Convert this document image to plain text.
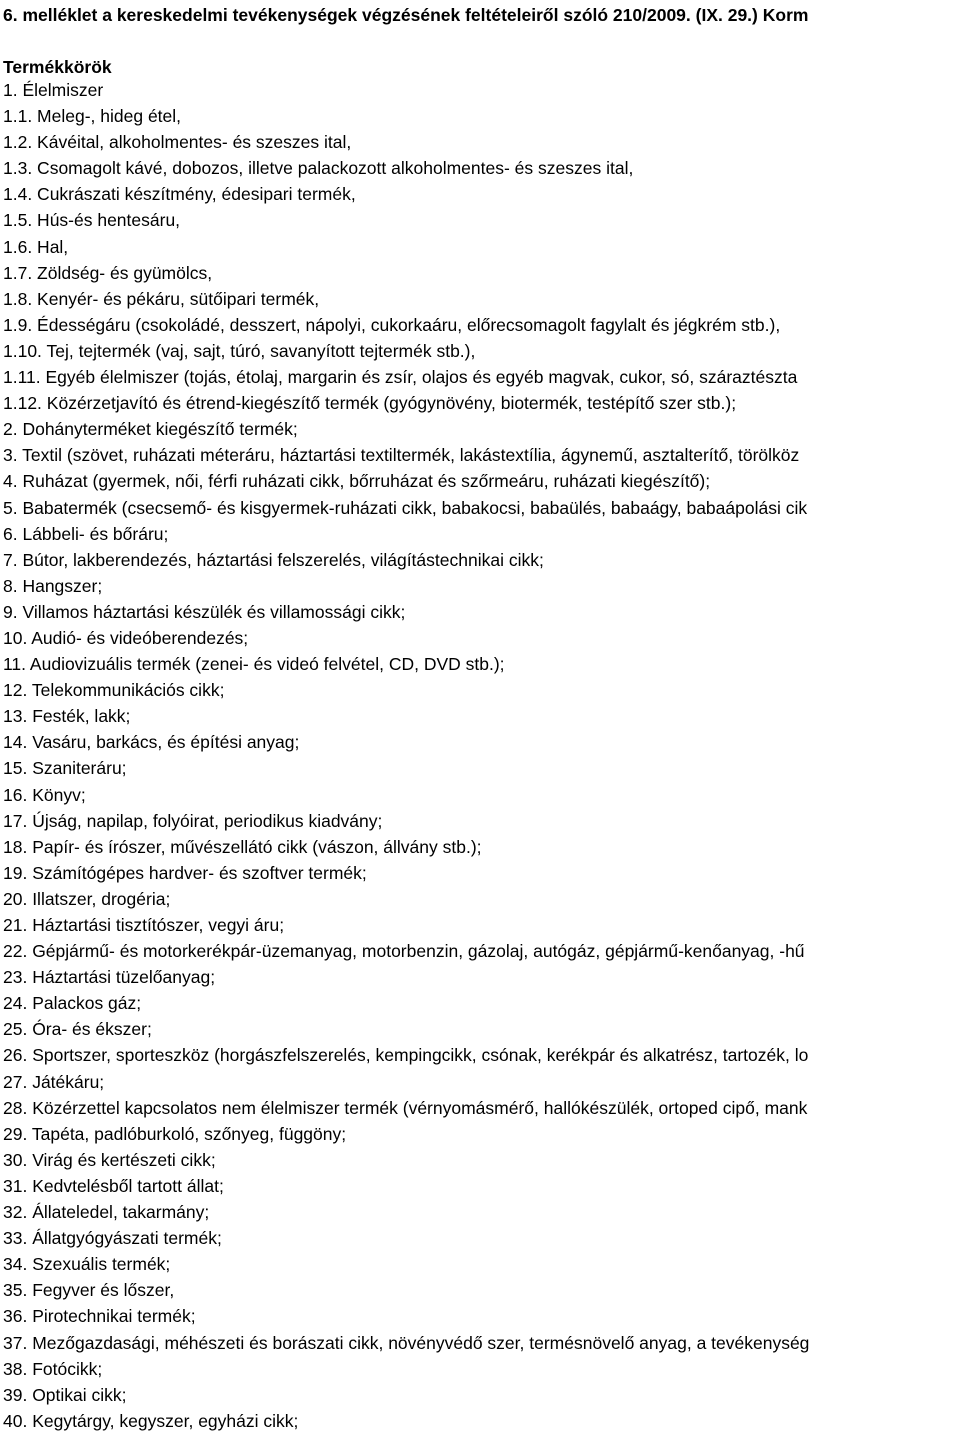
6. melléklet a kereskedelmi tevékenységek végzésének feltételeiről szóló 210/2009. (IX. 29.) Korm
Termékkörök
1. Élelmiszer
1.1. Meleg-, hideg étel,
1.2. Kávéital, alkoholmentes- és szeszes ital,
1.3. Csomagolt kávé, dobozos, illetve palackozott alkoholmentes- és szeszes ital,
1.4. Cukrászati készítmény, édesipari termék,
1.5. Hús-és hentesáru,
1.6. Hal,
1.7. Zöldség- és gyümölcs,
1.8. Kenyér- és pékáru, sütőipari termék,
1.9. Édességáru (csokoládé, desszert, nápolyi, cukorkaáru, előrecsomagolt fagylalt és jégkrém stb.),
1.10. Tej, tejtermék (vaj, sajt, túró, savanyított tejtermék stb.),
1.11. Egyéb élelmiszer (tojás, étolaj, margarin és zsír, olajos és egyéb magvak, cukor, só, száraztészta
1.12. Közérzetjavító és étrend-kiegészítő termék (gyógynövény, biotermék, testépítő szer stb.);
2. Dohányterméket kiegészítő termék;
3. Textil (szövet, ruházati méteráru, háztartási textiltermék, lakástextília, ágynemű, asztalterítő, törölköz
4. Ruházat (gyermek, női, férfi ruházati cikk, bőrruházat és szőrmeáru, ruházati kiegészítő);
5. Babatermék (csecsemő- és kisgyermek-ruházati cikk, babakocsi, babaülés, babaágy, babaápolási cik
6. Lábbeli- és bőráru;
7. Bútor, lakberendezés, háztartási felszerelés, világítástechnikai cikk;
8. Hangszer;
9. Villamos háztartási készülék és villamossági cikk;
10. Audió- és videóberendezés;
11. Audiovizuális termék (zenei- és videó felvétel, CD, DVD stb.);
12. Telekommunikációs cikk;
13. Festék, lakk;
14. Vasáru, barkács, és építési anyag;
15. Szaniteráru;
16. Könyv;
17. Újság, napilap, folyóirat, periodikus kiadvány;
18. Papír- és írószer, művészellátó cikk (vászon, állvány stb.);
19. Számítógépes hardver- és szoftver termék;
20. Illatszer, drogéria;
21. Háztartási tisztítószer, vegyi áru;
22. Gépjármű- és motorkerékpár-üzemanyag, motorbenzin, gázolaj, autógáz, gépjármű-kenőanyag, -hű
23. Háztartási tüzelőanyag;
24. Palackos gáz;
25. Óra- és ékszer;
26. Sportszer, sporteszköz (horgászfelszerelés, kempingcikk, csónak, kerékpár és alkatrész, tartozék, lo
27. Játékáru;
28. Közérzettel kapcsolatos nem élelmiszer termék (vérnyomásmérő, hallókészülék, ortoped cipő, mank
29. Tapéta, padlóburkoló, szőnyeg, függöny;
30. Virág és kertészeti cikk;
31. Kedvtelésből tartott állat;
32. Állateledel, takarmány;
33. Állatgyógyászati termék;
34. Szexuális termék;
35. Fegyver és lőszer,
36. Pirotechnikai termék;
37. Mezőgazdasági, méhészeti és borászati cikk, növényvédő szer, termésnövelő anyag, a tevékenység
38. Fotócikk;
39. Optikai cikk;
40. Kegytárgy, kegyszer, egyházi cikk;
